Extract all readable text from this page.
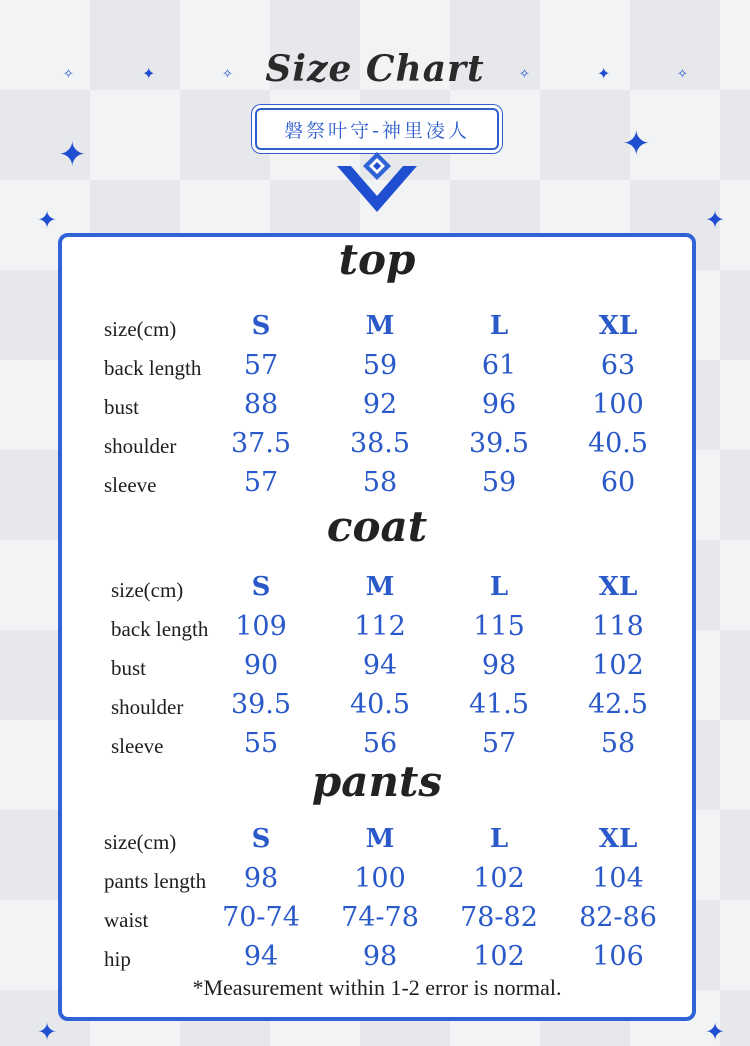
✧	✦	✧	✧	✦	✧
✦	✦
✦	✦
✦	✦
Size Chart
磐祭叶守-神里凌人
top
size(cm)	S	M	L	XL
back length	57	59	61	63
bust	88	92	96	100
shoulder	37.5	38.5	39.5	40.5
sleeve	57	58	59	60
coat
size(cm)	S	M	L	XL
back length 109	112	115	118
bust	90	94	98	102
shoulder	39.5	40.5	41.5	42.5
sleeve	55	56	57	58
pants
size(cm)	S	M	L	XL
pants length	98	100	102	104
waist	70-74	74-78	78-82	82-86
hip	94	98	102	106
*Measurement within 1-2 error is normal.
